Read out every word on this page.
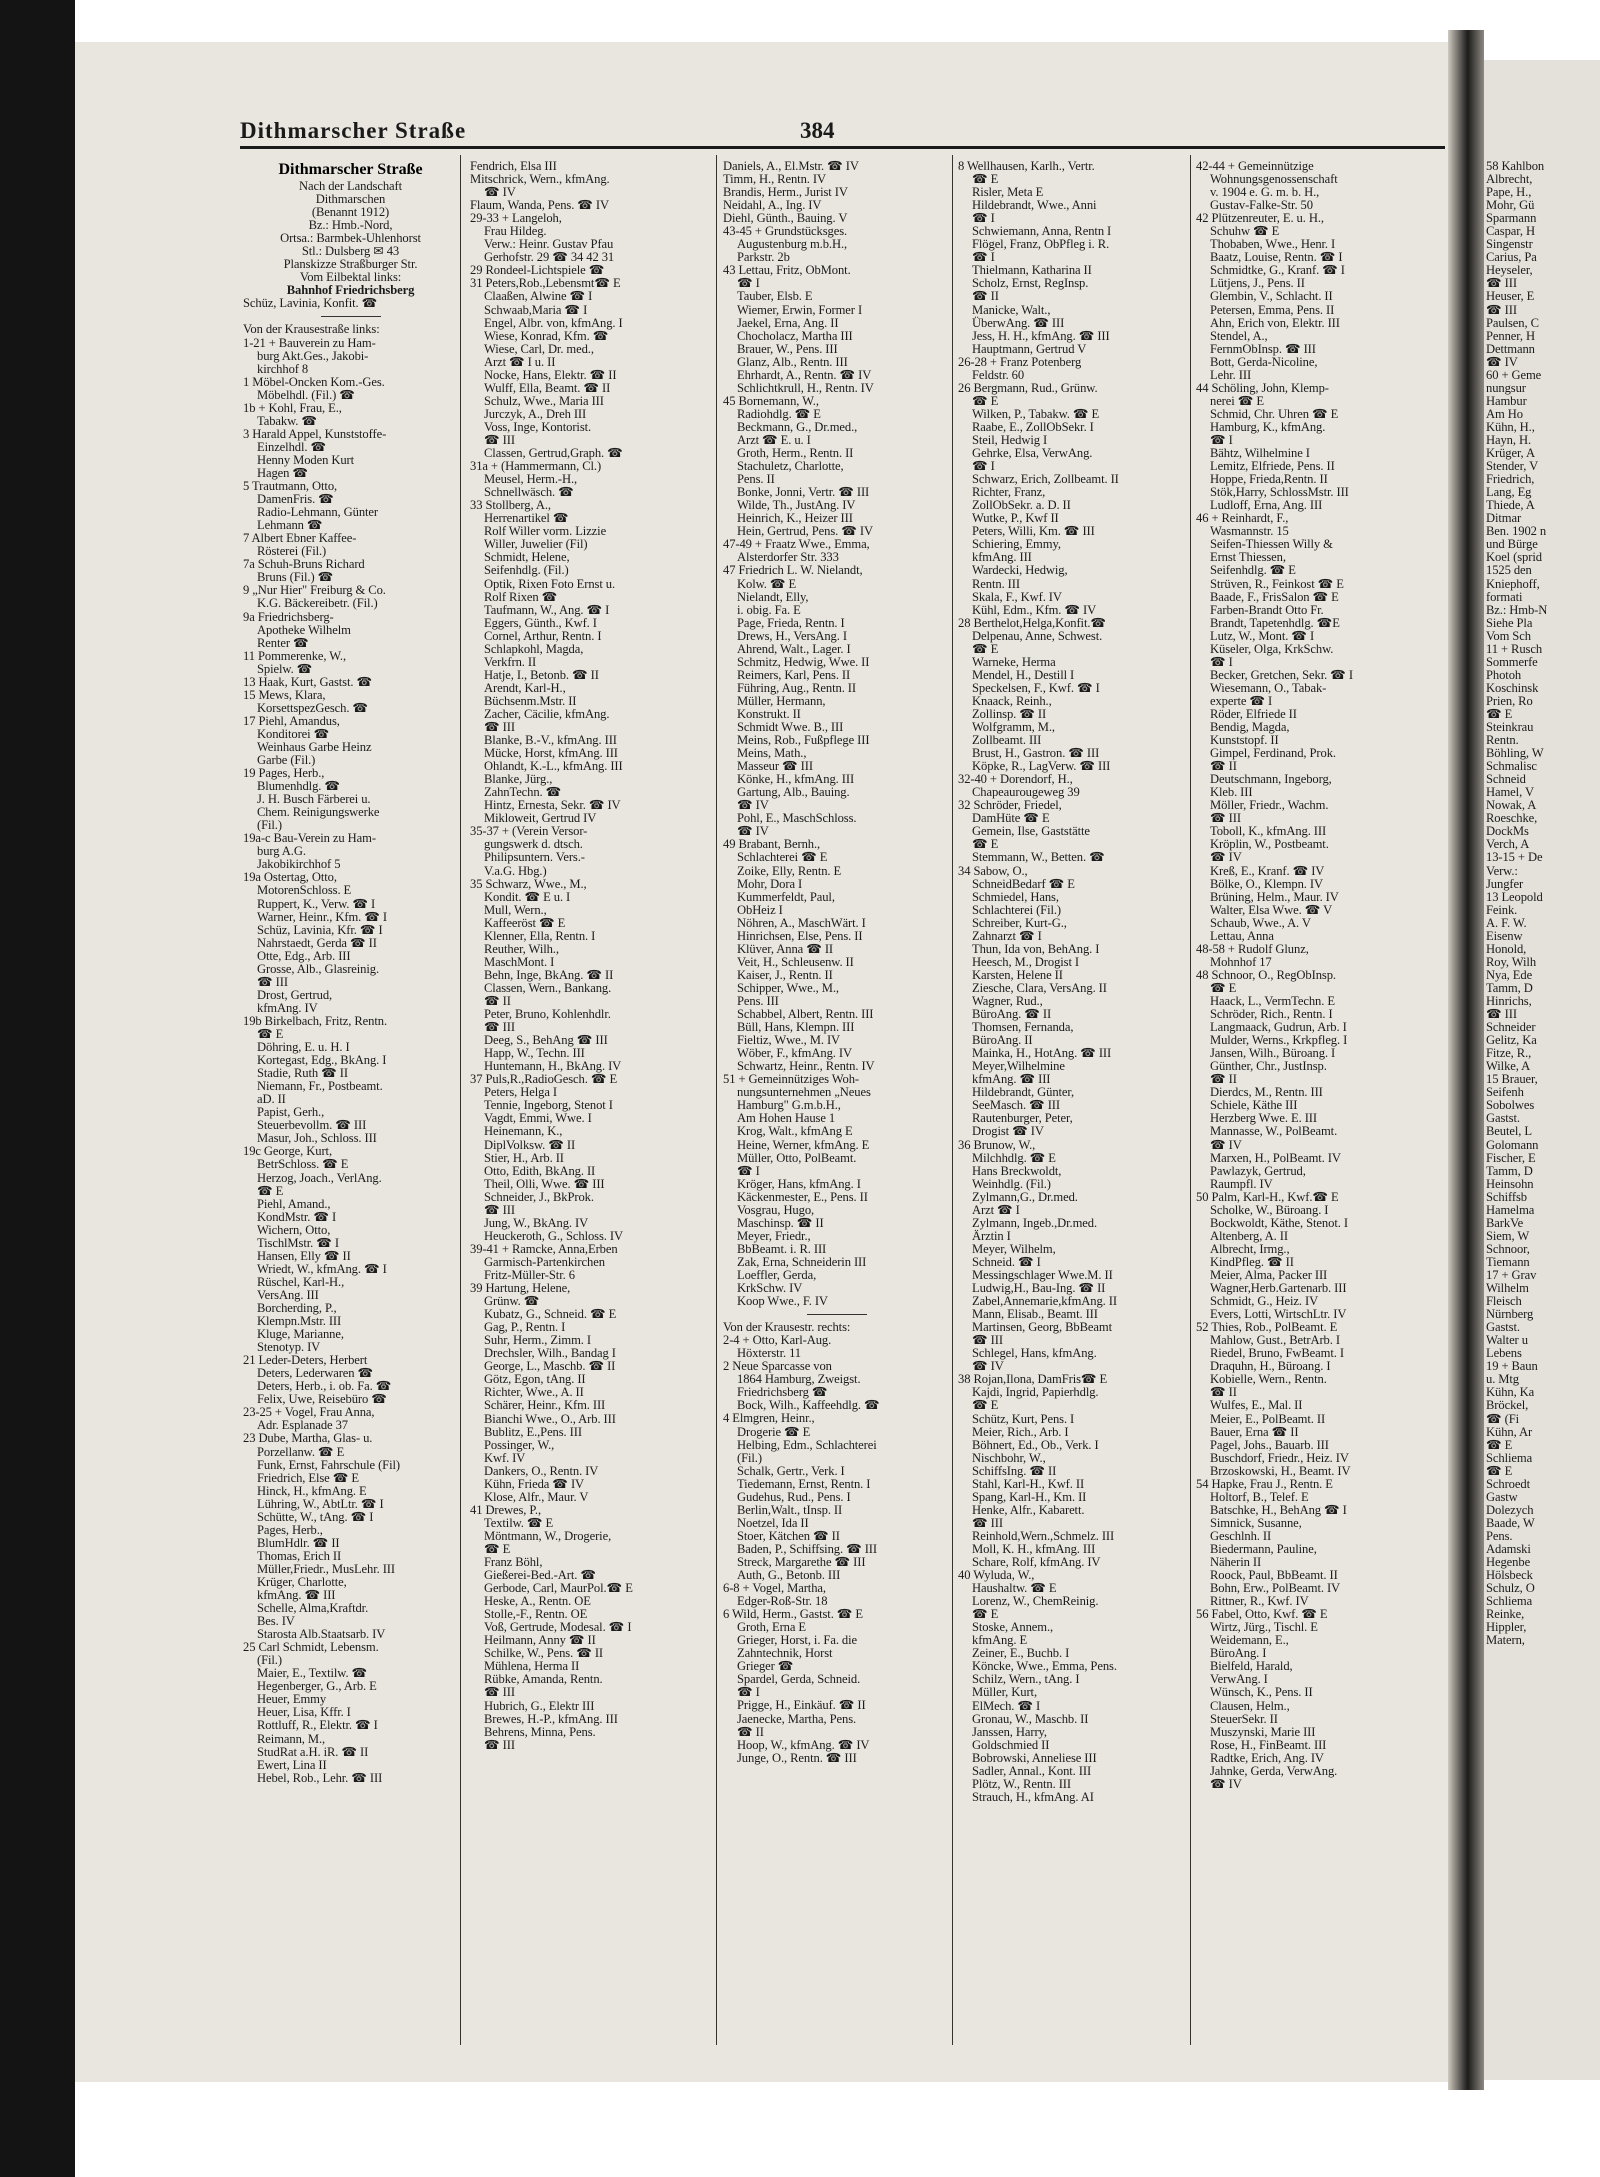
58 Kahlbon
Albrecht,
Pape, H.,
Mohr, Gü
Sparmann
Caspar, H
Singenstr
Carius, Pa
Heyseler,
☎ III
Heuser, E
☎ III
Paulsen, C
Penner, H
Dettmann
☎ IV
60 + Geme
nungsur
Hambur
Am Ho
Kühn, H.,
Hayn, H.
Krüger, A
Stender, V
Friedrich,
Lang, Eg
Thiede, A
Ditmar
Ben. 1902 n
und Bürge
Koel (sprid
1525 den
Kniephoff,
formati
Bz.: Hmb-N
Siehe Pla
Vom Sch
11 + Rusch
Sommerfe
Photoh
Koschinsk
Prien, Ro
☎ E
Steinkrau
Rentn.
Böhling, W
Schmalisc
Schneid
Hamel, V
Nowak, A
Roeschke,
DockMs
Verch, A
13-15 + De
Verw.:
Jungfer
13 Leopold
Feink.
A. F. W.
Eisenw
Honold,
Roy, Wilh
Nya, Ede
Tamm, D
Hinrichs,
☎ III
Schneider
Gelitz, Ka
Fitze, R.,
Wilke, A
15 Brauer,
Seifenh
Sobolwes
Gastst.
Beutel, L
Golomann
Fischer, E
Tamm, D
Heinsohn
Schiffsb
Hamelma
BarkVe
Siem, W
Schnoor,
Tiemann
17 + Grav
Wilhelm
Fleisch
Nürnberg
Gastst.
Walter u
Lebens
19 + Baun
u. Mtg
Kühn, Ka
Bröckel,
☎ (Fi
Kühn, Ar
☎ E
Schliema
☎ E
Schroedt
Gastw
Dolezych
Baade, W
Pens.
Adamski
Hegenbe
Hölsbeck
Schulz, O
Schliema
Reinke,
Hippler,
Matern,
Dithmarscher Straße	384
Dithmarscher Straße
Nach der Landschaft
Dithmarschen
(Benannt 1912)
Bz.: Hmb.-Nord,
Ortsa.: Barmbek-Uhlenhorst
Stl.: Dulsberg ✉ 43
Planskizze Straßburger Str.
Vom Eilbektal links:
Bahnhof Friedrichsberg
Schüz, Lavinia, Konfit. ☎
Von der Krausestraße links:
1-21 + Bauverein zu Ham-
burg Akt.Ges., Jakobi-
kirchhof 8
1 Möbel-Oncken Kom.-Ges.
Möbelhdl. (Fil.) ☎
1b + Kohl, Frau, E.,
Tabakw. ☎
3 Harald Appel, Kunststoffe-
Einzelhdl. ☎
Henny Moden Kurt
Hagen ☎
5 Trautmann, Otto,
DamenFris. ☎
Radio-Lehmann, Günter
Lehmann ☎
7 Albert Ebner Kaffee-
Rösterei (Fil.)
7a Schuh-Bruns Richard
Bruns (Fil.) ☎
9 „Nur Hier" Freiburg & Co.
K.G. Bäckereibetr. (Fil.)
9a Friedrichsberg-
Apotheke Wilhelm
Renter ☎
11 Pommerenke, W.,
Spielw. ☎
13 Haak, Kurt, Gastst. ☎
15 Mews, Klara,
KorsettspezGesch. ☎
17 Piehl, Amandus,
Konditorei ☎
Weinhaus Garbe Heinz
Garbe (Fil.)
19 Pages, Herb.,
Blumenhdlg. ☎
J. H. Busch Färberei u.
Chem. Reinigungswerke
(Fil.)
19a-c Bau-Verein zu Ham-
burg A.G.
Jakobikirchhof 5
19a Ostertag, Otto,
MotorenSchloss. E
Ruppert, K., Verw. ☎ I
Warner, Heinr., Kfm. ☎ I
Schüz, Lavinia, Kfr. ☎ I
Nahrstaedt, Gerda ☎ II
Otte, Edg., Arb. III
Grosse, Alb., Glasreinig.
☎ III
Drost, Gertrud,
kfmAng. IV
19b Birkelbach, Fritz, Rentn.
☎ E
Döhring, E. u. H. I
Kortegast, Edg., BkAng. I
Stadie, Ruth ☎ II
Niemann, Fr., Postbeamt.
aD. II
Papist, Gerh.,
Steuerbevollm. ☎ III
Masur, Joh., Schloss. III
19c George, Kurt,
BetrSchloss. ☎ E
Herzog, Joach., VerlAng.
☎ E
Piehl, Amand.,
KondMstr. ☎ I
Wichern, Otto,
TischlMstr. ☎ I
Hansen, Elly ☎ II
Wriedt, W., kfmAng. ☎ I
Rüschel, Karl-H.,
VersAng. III
Borcherding, P.,
Klempn.Mstr. III
Kluge, Marianne,
Stenotyp. IV
21 Leder-Deters, Herbert
Deters, Lederwaren ☎
Deters, Herb., i. ob. Fa. ☎
Felix, Uwe, Reisebüro ☎
23-25 + Vogel, Frau Anna,
Adr. Esplanade 37
23 Dube, Martha, Glas- u.
Porzellanw. ☎ E
Funk, Ernst, Fahrschule (Fil)
Friedrich, Else ☎ E
Hinck, H., kfmAng. E
Lühring, W., AbtLtr. ☎ I
Schütte, W., tAng. ☎ I
Pages, Herb.,
BlumHdlr. ☎ II
Thomas, Erich II
Müller,Friedr., MusLehr. III
Krüger, Charlotte,
kfmAng. ☎ III
Schelle, Alma,Kraftdr.
Bes. IV
Starosta Alb.Staatsarb. IV
25 Carl Schmidt, Lebensm.
(Fil.)
Maier, E., Textilw. ☎
Hegenberger, G., Arb. E
Heuer, Emmy
Heuer, Lisa, Kffr. I
Rottluff, R., Elektr. ☎ I
Reimann, M.,
StudRat a.H. iR. ☎ II
Ewert, Lina II
Hebel, Rob., Lehr. ☎ III
Fendrich, Elsa III
Mitschrick, Wern., kfmAng.
☎ IV
Flaum, Wanda, Pens. ☎ IV
29-33 + Langeloh,
Frau Hildeg.
Verw.: Heinr. Gustav Pfau
Gerhofstr. 29 ☎ 34 42 31
29 Rondeel-Lichtspiele ☎
31 Peters,Rob.,Lebensmt☎ E
Claaßen, Alwine ☎ I
Schwaab,Maria ☎ I
Engel, Albr. von, kfmAng. I
Wiese, Konrad, Kfm. ☎
Wiese, Carl, Dr. med.,
Arzt ☎ I u. II
Nocke, Hans, Elektr. ☎ II
Wulff, Ella, Beamt. ☎ II
Schulz, Wwe., Maria III
Jurczyk, A., Dreh III
Voss, Inge, Kontorist.
☎ III
Classen, Gertrud,Graph. ☎
31a + (Hammermann, Cl.)
Meusel, Herm.-H.,
Schnellwäsch. ☎
33 Stollberg, A.,
Herrenartikel ☎
Rolf Willer vorm. Lizzie
Willer, Juwelier (Fil)
Schmidt, Helene,
Seifenhdlg. (Fil.)
Optik, Rixen Foto Ernst u.
Rolf Rixen ☎
Taufmann, W., Ang. ☎ I
Eggers, Günth., Kwf. I
Cornel, Arthur, Rentn. I
Schlapkohl, Magda,
Verkfrn. II
Hatje, I., Betonb. ☎ II
Arendt, Karl-H.,
Büchsenm.Mstr. II
Zacher, Cäcilie, kfmAng.
☎ III
Blanke, B.-V., kfmAng. III
Mücke, Horst, kfmAng. III
Ohlandt, K.-L., kfmAng. III
Blanke, Jürg.,
ZahnTechn. ☎
Hintz, Ernesta, Sekr. ☎ IV
Mikloweit, Gertrud IV
35-37 + (Verein Versor-
gungswerk d. dtsch.
Philipsuntern. Vers.-
V.a.G. Hbg.)
35 Schwarz, Wwe., M.,
Kondit. ☎ E u. I
Mull, Wern.,
Kaffeeröst ☎ E
Klenner, Ella, Rentn. I
Reuther, Wilh.,
MaschMont. I
Behn, Inge, BkAng. ☎ II
Classen, Wern., Bankang.
☎ II
Peter, Bruno, Kohlenhdlr.
☎ III
Deeg, S., BehAng ☎ III
Happ, W., Techn. III
Huntemann, H., BkAng. IV
37 Puls,R.,RadioGesch. ☎ E
Peters, Helga I
Tennie, Ingeborg, Stenot I
Vagdt, Emmi, Wwe. I
Heinemann, K.,
DiplVolksw. ☎ II
Stier, H., Arb. II
Otto, Edith, BkAng. II
Theil, Olli, Wwe. ☎ III
Schneider, J., BkProk.
☎ III
Jung, W., BkAng. IV
Heuckeroth, G., Schloss. IV
39-41 + Ramcke, Anna,Erben
Garmisch-Partenkirchen
Fritz-Müller-Str. 6
39 Hartung, Helene,
Grünw. ☎
Kubatz, G., Schneid. ☎ E
Gag, P., Rentn. I
Suhr, Herm., Zimm. I
Drechsler, Wilh., Bandag I
George, L., Maschb. ☎ II
Götz, Egon, tAng. II
Richter, Wwe., A. II
Schärer, Heinr., Kfm. III
Bianchi Wwe., O., Arb. III
Bublitz, E.,Pens. III
Possinger, W.,
Kwf. IV
Dankers, O., Rentn. IV
Kühn, Frieda ☎ IV
Klose, Alfr., Maur. V
41 Drewes, P.,
Textilw. ☎ E
Möntmann, W., Drogerie,
☎ E
Franz Böhl,
Gießerei-Bed.-Art. ☎
Gerbode, Carl, MaurPol.☎ E
Heske, A., Rentn. OE
Stolle,-F., Rentn. OE
Voß, Gertrude, Modesal. ☎ I
Heilmann, Anny ☎ II
Schilke, W., Pens. ☎ II
Mühlena, Herma II
Rübke, Amanda, Rentn.
☎ III
Hubrich, G., Elektr III
Brewes, H.-P., kfmAng. III
Behrens, Minna, Pens.
☎ III
Daniels, A., El.Mstr. ☎ IV
Timm, H., Rentn. IV
Brandis, Herm., Jurist IV
Neidahl, A., Ing. IV
Diehl, Günth., Bauing. V
43-45 + Grundstücksges.
Augustenburg m.b.H.,
Parkstr. 2b
43 Lettau, Fritz, ObMont.
☎ I
Tauber, Elsb. E
Wiemer, Erwin, Former I
Jaekel, Erna, Ang. II
Chocholacz, Martha III
Brauer, W., Pens. III
Glanz, Alb., Rentn. III
Ehrhardt, A., Rentn. ☎ IV
Schlichtkrull, H., Rentn. IV
45 Bornemann, W.,
Radiohdlg. ☎ E
Beckmann, G., Dr.med.,
Arzt ☎ E. u. I
Groth, Herm., Rentn. II
Stachuletz, Charlotte,
Pens. II
Bonke, Jonni, Vertr. ☎ III
Wilde, Th., JustAng. IV
Heinrich, K., Heizer III
Hein, Gertrud, Pens. ☎ IV
47-49 + Fraatz Wwe., Emma,
Alsterdorfer Str. 333
47 Friedrich L. W. Nielandt,
Kolw. ☎ E
Nielandt, Elly,
i. obig. Fa. E
Page, Frieda, Rentn. I
Drews, H., VersAng. I
Ahrend, Walt., Lager. I
Schmitz, Hedwig, Wwe. II
Reimers, Karl, Pens. II
Führing, Aug., Rentn. II
Müller, Hermann,
Konstrukt. II
Schmidt Wwe. B., III
Meins, Rob., Fußpflege III
Meins, Math.,
Masseur ☎ III
Könke, H., kfmAng. III
Gartung, Alb., Bauing.
☎ IV
Pohl, E., MaschSchloss.
☎ IV
49 Brabant, Bernh.,
Schlachterei ☎ E
Zoike, Elly, Rentn. E
Mohr, Dora I
Kummerfeldt, Paul,
ObHeiz I
Nöhren, A., MaschWärt. I
Hinrichsen, Else, Pens. II
Klüver, Anna ☎ II
Veit, H., Schleusenw. II
Kaiser, J., Rentn. II
Schipper, Wwe., M.,
Pens. III
Schabbel, Albert, Rentn. III
Büll, Hans, Klempn. III
Fieltiz, Wwe., M. IV
Wöber, F., kfmAng. IV
Schwartz, Heinr., Rentn. IV
51 + Gemeinnütziges Woh-
nungsunternehmen „Neues
Hamburg" G.m.b.H.,
Am Hohen Hause 1
Krog, Walt., kfmAng E
Heine, Werner, kfmAng. E
Müller, Otto, PolBeamt.
☎ I
Kröger, Hans, kfmAng. I
Käckenmester, E., Pens. II
Vosgrau, Hugo,
Maschinsp. ☎ II
Meyer, Friedr.,
BbBeamt. i. R. III
Zak, Erna, Schneiderin III
Loeffler, Gerda,
KrkSchw. IV
Koop Wwe., F. IV
Von der Krausestr. rechts:
2-4 + Otto, Karl-Aug.
Höxterstr. 11
2 Neue Sparcasse von
1864 Hamburg, Zweigst.
Friedrichsberg ☎
Bock, Wilh., Kaffeehdlg. ☎
4 Elmgren, Heinr.,
Drogerie ☎ E
Helbing, Edm., Schlachterei
(Fil.)
Schalk, Gertr., Verk. I
Tiedemann, Ernst, Rentn. I
Gudehus, Rud., Pens. I
Berlin,Walt., tInsp. II
Noetzel, Ida II
Stoer, Kätchen ☎ II
Baden, P., Schiffsing. ☎ III
Streck, Margarethe ☎ III
Auth, G., Betonb. III
6-8 + Vogel, Martha,
Edger-Roß-Str. 18
6 Wild, Herm., Gastst. ☎ E
Groth, Erna E
Grieger, Horst, i. Fa. die
Zahntechnik, Horst
Grieger ☎
Spardel, Gerda, Schneid.
☎ I
Prigge, H., Einkäuf. ☎ II
Jaenecke, Martha, Pens.
☎ II
Hoop, W., kfmAng. ☎ IV
Junge, O., Rentn. ☎ III
8 Wellhausen, Karlh., Vertr.
☎ E
Risler, Meta E
Hildebrandt, Wwe., Anni
☎ I
Schwiemann, Anna, Rentn I
Flögel, Franz, ObPfleg i. R.
☎ I
Thielmann, Katharina II
Scholz, Ernst, RegInsp.
☎ II
Manicke, Walt.,
ÜberwAng. ☎ III
Jess, H. H., kfmAng. ☎ III
Hauptmann, Gertrud V
26-28 + Franz Potenberg
Feldstr. 60
26 Bergmann, Rud., Grünw.
☎ E
Wilken, P., Tabakw. ☎ E
Raabe, E., ZollObSekr. I
Steil, Hedwig I
Gehrke, Elsa, VerwAng.
☎ I
Schwarz, Erich, Zollbeamt. II
Richter, Franz,
ZollObSekr. a. D. II
Wutke, P., Kwf II
Peters, Willi, Km. ☎ III
Schiering, Emmy,
kfmAng. III
Wardecki, Hedwig,
Rentn. III
Skala, F., Kwf. IV
Kühl, Edm., Kfm. ☎ IV
28 Berthelot,Helga,Konfit.☎
Delpenau, Anne, Schwest.
☎ E
Warneke, Herma
Mendel, H., Destill I
Speckelsen, F., Kwf. ☎ I
Knaack, Reinh.,
Zollinsp. ☎ II
Wolfgramm, M.,
Zollbeamt. III
Brust, H., Gastron. ☎ III
Köpke, R., LagVerw. ☎ III
32-40 + Dorendorf, H.,
Chapeaurougeweg 39
32 Schröder, Friedel,
DamHüte ☎ E
Gemein, Ilse, Gaststätte
☎ E
Stemmann, W., Betten. ☎
34 Sabow, O.,
SchneidBedarf ☎ E
Schmiedel, Hans,
Schlachterei (Fil.)
Schreiber, Kurt-G.,
Zahnarzt ☎ I
Thun, Ida von, BehAng. I
Heesch, M., Drogist I
Karsten, Helene II
Ziesche, Clara, VersAng. II
Wagner, Rud.,
BüroAng. ☎ II
Thomsen, Fernanda,
BüroAng. II
Mainka, H., HotAng. ☎ III
Meyer,Wilhelmine
kfmAng. ☎ III
Hildebrandt, Günter,
SeeMasch. ☎ III
Rautenburger, Peter,
Drogist ☎ IV
36 Brunow, W.,
Milchhdlg. ☎ E
Hans Breckwoldt,
Weinhdlg. (Fil.)
Zylmann,G., Dr.med.
Arzt ☎ I
Zylmann, Ingeb.,Dr.med.
Ärztin I
Meyer, Wilhelm,
Schneid. ☎ I
Messingschlager Wwe.M. II
Ludwig,H., Bau-Ing. ☎ II
Zabel,Annemarie,kfmAng. II
Mann, Elisab., Beamt. III
Martinsen, Georg, BbBeamt
☎ III
Schlegel, Hans, kfmAng.
☎ IV
38 Rojan,Ilona, DamFris☎ E
Kajdi, Ingrid, Papierhdlg.
☎ E
Schütz, Kurt, Pens. I
Meier, Rich., Arb. I
Böhnert, Ed., Ob., Verk. I
Nischbohr, W.,
SchiffsIng. ☎ II
Stahl, Karl-H., Kwf. II
Spang, Karl-H., Km. II
Henke, Alfr., Kabarett.
☎ III
Reinhold,Wern.,Schmelz. III
Moll, K. H., kfmAng. III
Schare, Rolf, kfmAng. IV
40 Wyluda, W.,
Haushaltw. ☎ E
Lorenz, W., ChemReinig.
☎ E
Stoske, Annem.,
kfmAng. E
Zeiner, E., Buchb. I
Köncke, Wwe., Emma, Pens.
Schilz, Wern., tAng. I
Müller, Kurt,
ElMech. ☎ I
Gronau, W., Maschb. II
Janssen, Harry,
Goldschmied II
Bobrowski, Anneliese III
Sadler, Annal., Kont. III
Plötz, W., Rentn. III
Strauch, H., kfmAng. AI
42-44 + Gemeinnützige
Wohnungsgenossenschaft
v. 1904 e. G. m. b. H.,
Gustav-Falke-Str. 50
42 Plützenreuter, E. u. H.,
Schuhw ☎ E
Thobaben, Wwe., Henr. I
Baatz, Louise, Rentn. ☎ I
Schmidtke, G., Kranf. ☎ I
Lütjens, J., Pens. II
Glembin, V., Schlacht. II
Petersen, Emma, Pens. II
Ahn, Erich von, Elektr. III
Stendel, A.,
FernmObInsp. ☎ III
Bott, Gerda-Nicoline,
Lehr. III
44 Schöling, John, Klemp-
nerei ☎ E
Schmid, Chr. Uhren ☎ E
Hamburg, K., kfmAng.
☎ I
Bähtz, Wilhelmine I
Lemitz, Elfriede, Pens. II
Hoppe, Frieda,Rentn. II
Stök,Harry, SchlossMstr. III
Ludloff, Erna, Ang. III
46 + Reinhardt, F.,
Wasmannstr. 15
Seifen-Thiessen Willy &
Ernst Thiessen,
Seifenhdlg. ☎ E
Strüven, R., Feinkost ☎ E
Baade, F., FrisSalon ☎ E
Farben-Brandt Otto Fr.
Brandt, Tapetenhdlg. ☎E
Lutz, W., Mont. ☎ I
Küseler, Olga, KrkSchw.
☎ I
Becker, Gretchen, Sekr. ☎ I
Wiesemann, O., Tabak-
experte ☎ I
Röder, Elfriede II
Bendig, Magda,
Kunststopf. II
Gimpel, Ferdinand, Prok.
☎ II
Deutschmann, Ingeborg,
Kleb. III
Möller, Friedr., Wachm.
☎ III
Toboll, K., kfmAng. III
Kröplin, W., Postbeamt.
☎ IV
Kreß, E., Kranf. ☎ IV
Bölke, O., Klempn. IV
Brüning, Helm., Maur. IV
Walter, Elsa Wwe. ☎ V
Schaub, Wwe., A. V
Lettau, Anna
48-58 + Rudolf Glunz,
Mohnhof 17
48 Schnoor, O., RegObInsp.
☎ E
Haack, L., VermTechn. E
Schröder, Rich., Rentn. I
Langmaack, Gudrun, Arb. I
Mulder, Werns., Krkpfleg. I
Jansen, Wilh., Büroang. I
Günther, Chr., JustInsp.
☎ II
Dierdcs, M., Rentn. III
Schiele, Käthe III
Herzberg Wwe. E. III
Mannasse, W., PolBeamt.
☎ IV
Marxen, H., PolBeamt. IV
Pawlazyk, Gertrud,
Raumpfl. IV
50 Palm, Karl-H., Kwf.☎ E
Scholke, W., Büroang. I
Bockwoldt, Käthe, Stenot. I
Altenberg, A. II
Albrecht, Irmg.,
KindPfleg. ☎ II
Meier, Alma, Packer III
Wagner,Herb.Gartenarb. III
Schmidt, G., Heiz. IV
Evers, Lotti, WirtschLtr. IV
52 Thies, Rob., PolBeamt. E
Mahlow, Gust., BetrArb. I
Riedel, Bruno, FwBeamt. I
Draquhn, H., Büroang. I
Kobielle, Wern., Rentn.
☎ II
Wulfes, E., Mal. II
Meier, E., PolBeamt. II
Bauer, Erna ☎ II
Pagel, Johs., Bauarb. III
Buschdorf, Friedr., Heiz. IV
Brzoskowski, H., Beamt. IV
54 Hapke, Frau J., Rentn. E
Holtorf, B., Telef. E
Batschke, H., BehAng ☎ I
Simnick, Susanne,
Geschlnh. II
Biedermann, Pauline,
Näherin II
Roock, Paul, BbBeamt. II
Bohn, Erw., PolBeamt. IV
Rittner, R., Kwf. IV
56 Fabel, Otto, Kwf. ☎ E
Wirtz, Jürg., Tischl. E
Weidemann, E.,
BüroAng. I
Bielfeld, Harald,
VerwAng. I
Wünsch, K., Pens. II
Clausen, Helm.,
SteuerSekr. II
Muszynski, Marie III
Rose, H., FinBeamt. III
Radtke, Erich, Ang. IV
Jahnke, Gerda, VerwAng.
☎ IV
